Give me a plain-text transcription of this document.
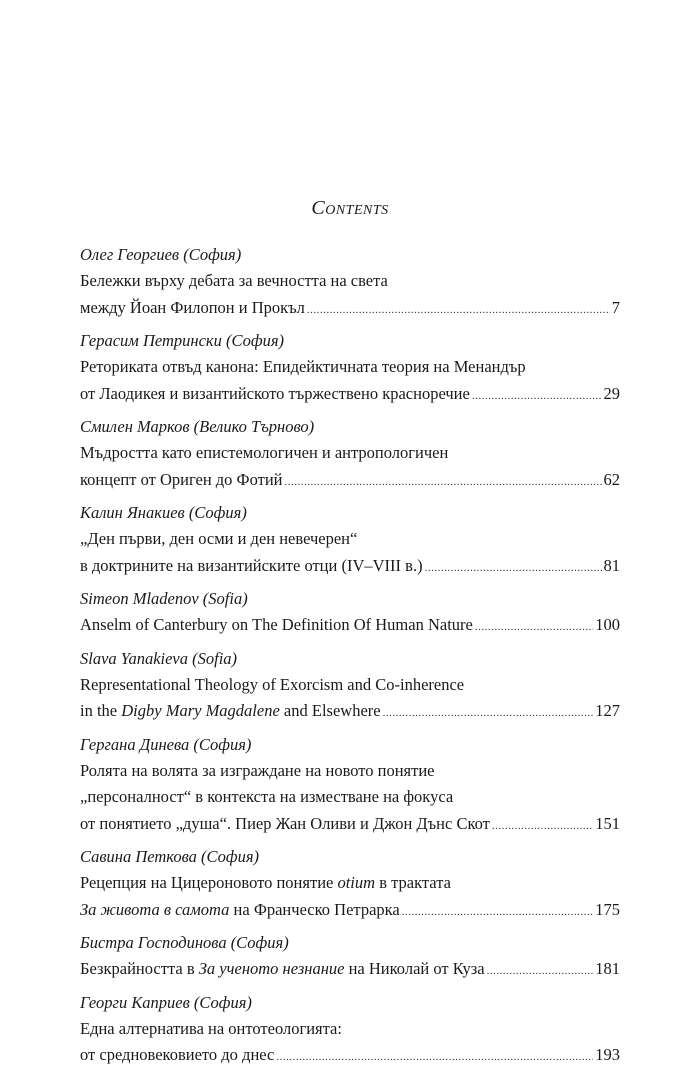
Contents
Олег Георгиев (София)
Бележки върху дебата за вечността на света
между Йоан Филопон и Прокъл .....	7
Герасим Петрински (София)
Реториката отвъд канона: Епидейктичната теория на Менандър
от Лаодикея и византийското тържествено красноречие .....	29
Смилен Марков (Велико Търново)
Мъдростта като епистемологичен и антропологичен
концепт от Ориген до Фотий .....	62
Калин Янакиев (София)
„Ден първи, ден осми и ден невечерен“
в доктрините на византийските отци (IV–VIII в.) .....	81
Simeon Mladenov (Sofia)
Anselm of Canterbury on The Definition Of Human Nature .....	100
Slava Yanakieva (Sofia)
Representational Theology of Exorcism and Co-inherence
in the Digby Mary Magdalene and Elsewhere .....	127
Гергана Динева (София)
Ролята на волята за изграждане на новото понятие
„персоналност“ в контекста на изместване на фокуса
от понятието „душа“. Пиер Жан Оливи и Джон Дънс Скот .....	151
Савина Петкова (София)
Рецепция на Цицероновото понятие otium в трактата
За живота в самота на Франческо Петрарка .....	175
Бистра Господинова (София)
Безкрайността в За ученото незнание на Николай от Куза .....	181
Георги Каприев (София)
Една алтернатива на онтотеологията:
от средновековието до днес .....	193
